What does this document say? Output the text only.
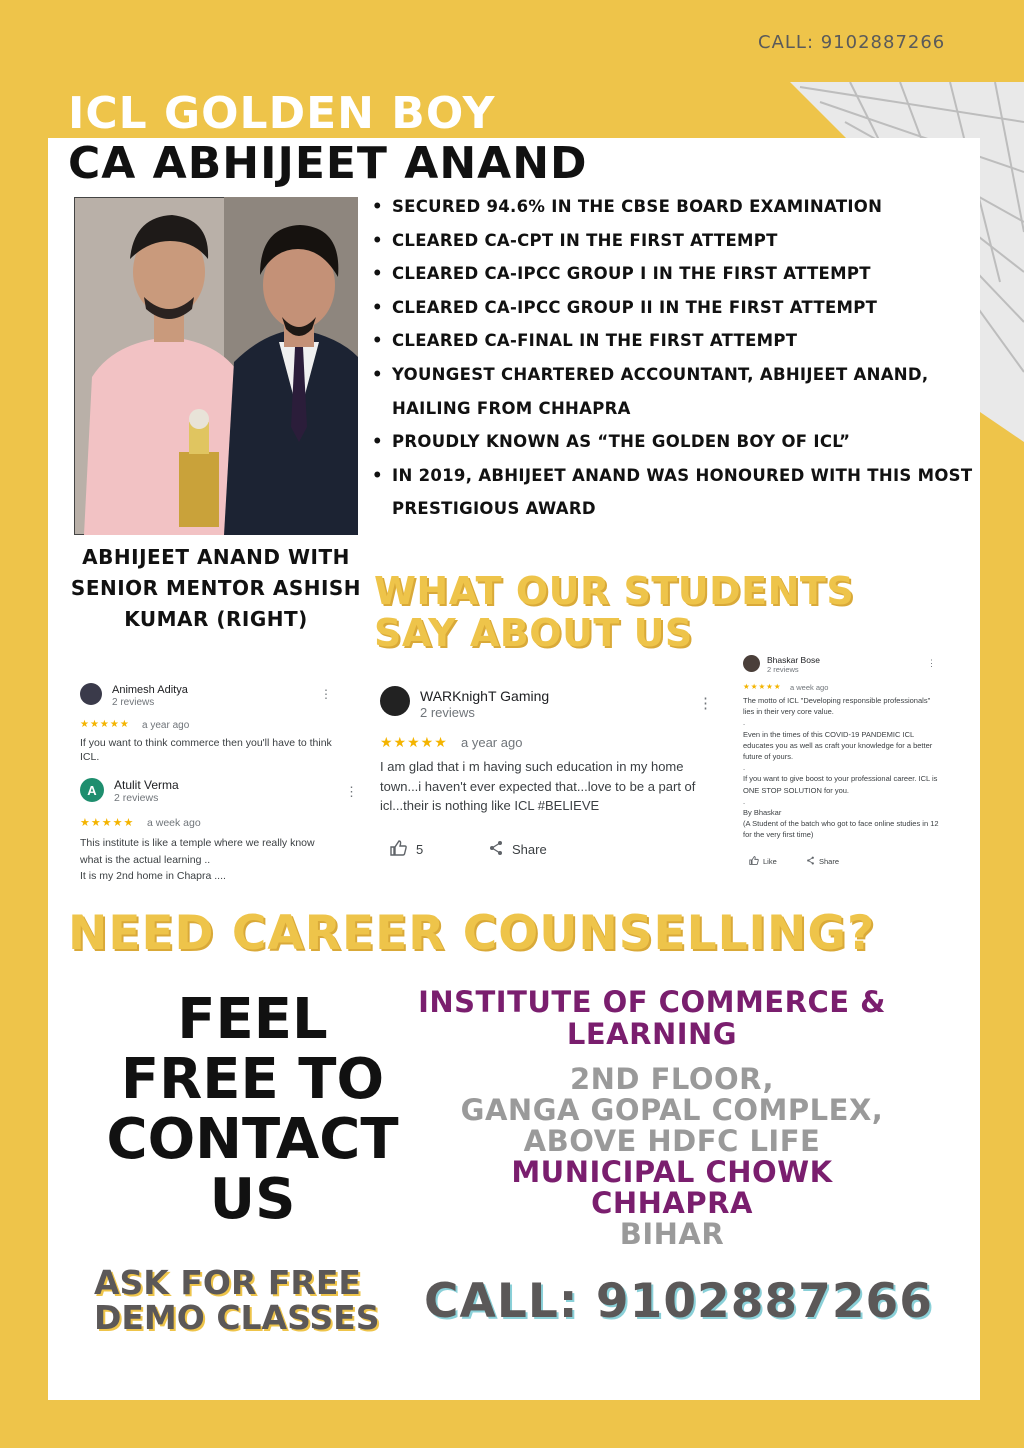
CALL: 9102887266
ICL GOLDEN BOY
CA ABHIJEET ANAND
ABHIJEET ANAND WITH SENIOR MENTOR ASHISH KUMAR (RIGHT)
• SECURED 94.6% IN THE CBSE BOARD EXAMINATION
• CLEARED CA-CPT IN THE FIRST ATTEMPT
• CLEARED CA-IPCC GROUP I IN THE FIRST ATTEMPT
• CLEARED CA-IPCC GROUP II IN THE FIRST ATTEMPT
• CLEARED CA-FINAL IN THE FIRST ATTEMPT
• YOUNGEST CHARTERED ACCOUNTANT, ABHIJEET ANAND, HAILING FROM CHHAPRA
• PROUDLY KNOWN AS “THE GOLDEN BOY OF ICL”
• IN 2019, ABHIJEET ANAND WAS HONOURED WITH THIS MOST PRESTIGIOUS AWARD
WHAT OUR STUDENTS
SAY ABOUT US
Animesh Aditya
2 reviews
⋮
★★★★★ a year ago
If you want to think commerce then you'll have to think ICL.
A	Atulit Verma
2 reviews	⋮
★★★★★ a week ago
This institute is like a temple where we really know
what is the actual learning ..
It is my 2nd home in Chapra ....
WARKnighT Gaming
2 reviews
⋮
★★★★★ a year ago
I am glad that i m having such education in my home town...i haven't ever expected that...love to be a part of icl...their is nothing like ICL #BELIEVE
5	Share
Bhaskar Bose
2 reviews
⋮
★★★★★ a week ago
The motto of ICL "Developing responsible professionals" lies in their very core value.
.
Even in the times of this COVID-19 PANDEMIC ICL educates you as well as craft your knowledge for a better future of yours.
.
If you want to give boost to your professional career. ICL is ONE STOP SOLUTION for you.
.
By Bhaskar
(A Student of the batch who got to face online studies in 12 for the very first time)
Like	Share
NEED CAREER COUNSELLING?
FEEL
FREE TO
CONTACT
US
INSTITUTE OF COMMERCE &
LEARNING
2ND FLOOR,
GANGA GOPAL COMPLEX,
ABOVE HDFC LIFE
MUNICIPAL CHOWK
CHHAPRA
BIHAR
ASK FOR FREE
DEMO CLASSES CALL: 9102887266
